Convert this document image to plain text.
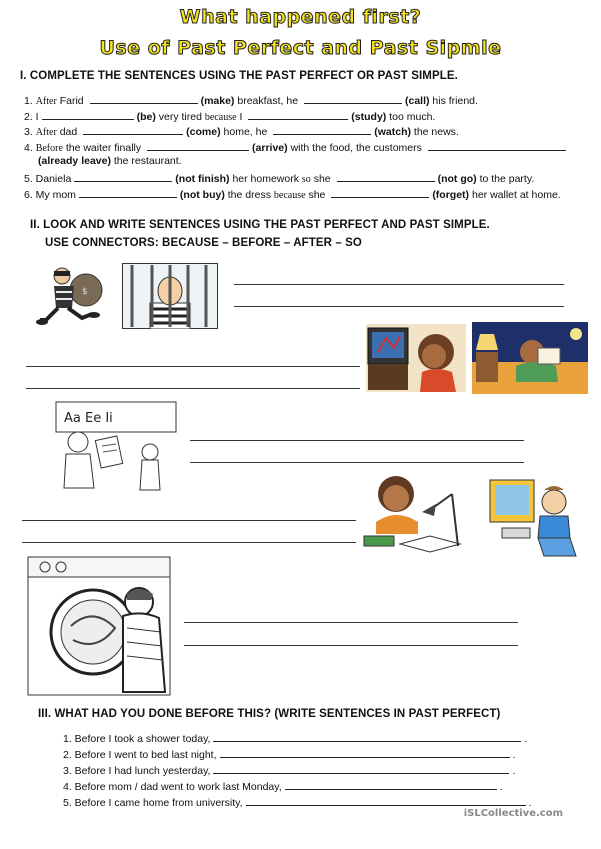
What happened first?
Use of Past Perfect and Past Sipmle
I. COMPLETE THE SENTENCES USING THE PAST PERFECT OR PAST SIMPLE.
1. After Farid	(make) breakfast, he	(call) his friend.
2. I	(be) very tired because I	(study) too much.
3. After dad	(come) home, he	(watch) the news.
4. Before the waiter finally	(arrive) with the food, the customers
(already leave) the restaurant.
5. Daniela	(not finish) her homework so she	(not go) to the party.
6. My mom	(not buy) the dress because she	(forget) her wallet at home.
II. LOOK AND WRITE SENTENCES USING THE PAST PERFECT AND PAST SIMPLE.
USE CONNECTORS: BECAUSE – BEFORE – AFTER – SO
$
Aa Ee Ii
III. WHAT HAD YOU DONE BEFORE THIS? (WRITE SENTENCES IN PAST PERFECT)
1. Before I took a shower today,	.
2. Before I went to bed last night,	.
3. Before I had lunch yesterday,	.
4. Before mom / dad went to work last Monday,	.
5. Before I came home from university,	.
iSLCollective.com
